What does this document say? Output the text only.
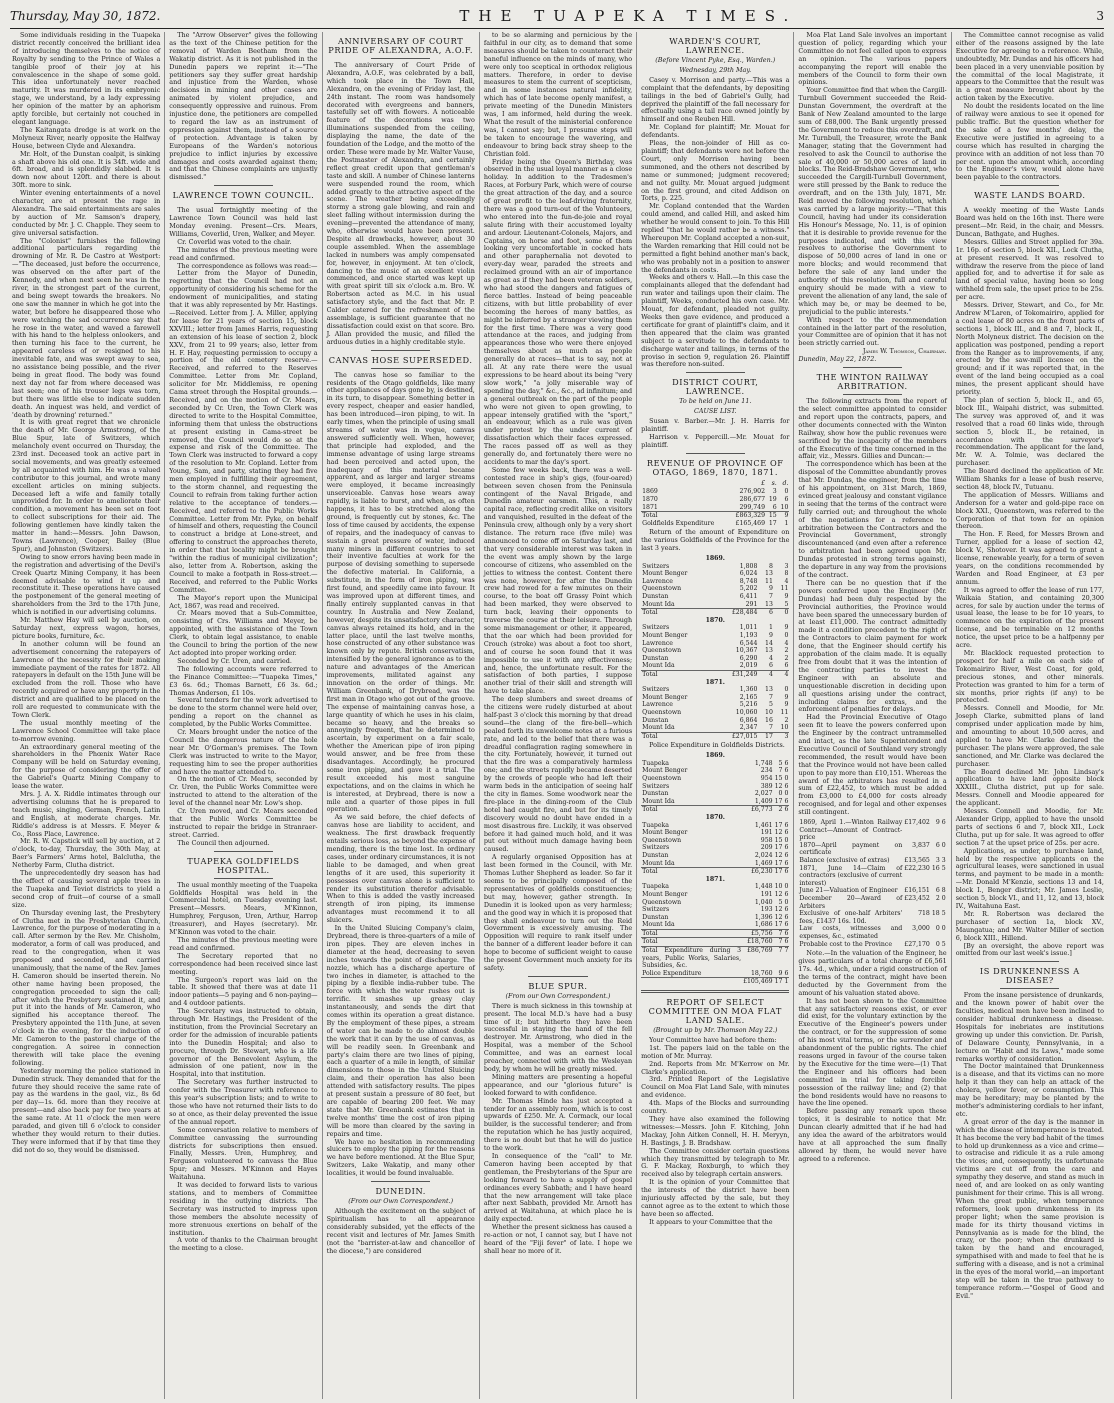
Thursday, May 30, 1872.	THE TUAPEKA TIMES.	3

Some individuals residing in the Tuapeka district recently conceived the brilliant idea of introducing themselves to the notice of Royalty by sending to the Prince of Wales a tangible proof of their joy at his convalescence in the shape of some gold. This idea unfortunately never reached maturity. It was murdered in its embryonic stage, we understand, by a lady expressing her opinion of the matter by an aphorism aptly forcible, but certainly not couched in elegant language.

The Kaitangata dredge is at work on the Molyneux River, nearly opposite the Halfway House, between Clyde and Alexandra.

Mr. Holt, of the Dunstan coalpit, is sinking a shaft above his old one. It is 34ft. wide and 6ft. broad, and is splendidly slabbed. It is down now about 120ft. and there is about 30ft. more to sink.

Winter evening entertainments of a novel character, are at present the rage in Alexandra. The said entertainments are sales by auction of Mr. Samson's drapery, conducted by Mr. J. C. Chapple. They seem to give universal satisfaction.

The "Colonist" furnishes the following additional particulars regarding the drowning of Mr. R. De Castro at Westport:—"The deceased, just before the occurrence, was observed on the after part of the Kennedy, and when next seen he was in the river, in the strongest part of the current, and being swept towards the breakers. No one saw the manner in which he got into the water, but before he disappeared those who were watching the sad occurrence say that he rose in the water, and waved a farewell with his hand to the helpless onlookers, and then turning his face to the current, he appeared careless of or resigned to his inevitable fate, and was swept away to sea, no assistance being possible, and the river being in great flood. The body was found next day not far from where deceased was last seen; one of his trouser legs was torn, but there was little else to indicate sudden death. An inquest was held, and verdict of 'death by drowning' returned."

It is with great regret that we chronicle the death of Mr. George Armstrong, of the Blue Spur, late of Switzers, which melancholy event occurred on Thursday, the 23rd inst. Deceased took an active part in social movements, and was greatly esteemed by all acquainted with him. He was a valued contributor to this journal, and wrote many excellent articles on mining subjects. Deceased left a wife and family totally unprovided for. In order to ameliorate their condition, a movement has been set on foot to collect subscriptions for their aid. The following gentlemen have kindly taken the matter in hand:—Messrs. John Dawson, Towns (Lawrence), Cooper, Bailey (Blue Spur), and Johnston (Switzers).

Owing to snow errors having been made in the registration and advertising of the Devil's Creek Quartz Mining Company, it has been deemed advisable to wind it up and reconstitute it. These operations have caused the postponement of the general meeting of shareholders from the 3rd to the 17th June, which is notified in our advertising columns.

Mr. Matthew Hay will sell by auction, on Saturday next, express wagon, horses, picture books, furniture, &c.

In another column will be found an advertisement concerning the ratepayers of Lawrence of the necessity for their making immediate payment of the rates for 1872. All ratepayers in default on the 15th June will be excluded from the roll. Those who have recently acquired or have any property in the district and are qualified to be placed on the roll are requested to communicate with the Town Clerk.

The usual monthly meeting of the Lawrence School Committee will take place to-morrow evening.

An extraordinary general meeting of the shareholders in the Phœnix Water Race Company will be held on Saturday evening, for the purpose of considering the offer of the Gabriel's Quartz Mining Company to lease the water.

Mrs. J. A. X. Riddle intimates through our advertising columns that he is prepared to teach music, singing, German, French, Latin and English, at moderate charges. Mr. Riddle's address is at Messrs. F. Meyer & Co., Ross Place, Lawrence.

Mr. R. W. Capstick will sell by auction, at 2 o'clock, to-day, Thursday, the 30th May, at Baer's Farmers' Arms hotel, Balclutha, the Netherby Farm, Clutha district.

The unprecedentedly dry season has had the effect of causing several apple trees in the Tuapeka and Teviot districts to yield a second crop of fruit—of course of a small size.

On Thursday evening last, the Presbytery of Clutha met in the Presbyterian Church, Lawrence, for the purpose of moderating in a call. After sermon by the Rev. Mr. Chisholm, moderator, a form of call was produced, and read to the congregation, when it was proposed and seconded, and carried unanimously, that the name of the Rev. James H. Cameron should be inserted therein. No other name having been proposed, the congregation proceeded to sign the call; after which the Presbytery sustained it, and put it into the hands of Mr. Cameron, who signified his acceptance thereof. The Presbytery appointed the 11th June, at seven o'clock in the evening, for the induction of Mr. Cameron to the pastoral charge of the congregation. A soiree in connection therewith will take place the evening following.

Yesterday morning the police stationed in Dunedin struck. They demanded that for the future they should receive the same rate of pay as the wardens in the gaol, viz., 8s 6d per day—1s. 6d. more than they receive at present—and also back pay for two years at the same rate. At 11 o'clock the men were paraded, and given till 6 o'clock to consider whether they would return to their duties. They were informed that if by that time they did not do so, they would be dismissed.

The "Arrow Observer" gives the following as the text of the Chinese petition for the removal of Warden Beetham from the Wakatip district. As it is not published in the Dunedin papers we reprint it:—"The petitioners say they suffer great hardship and injustice from the Warden, whose decisions in mining and other cases are animated by violent prejudice, and consequently oppressive and ruinous. From injustice done, the petitioners are compelled to regard the law as an instrument of oppression against them, instead of a source of protection. Advantage is taken by Europeans of the Warden's notorious prejudice to inflict injuries by excessive damages and costs awarded against them; and that the Chinese complaints are unjustly dismissed."

LAWRENCE TOWN COUNCIL.

The usual fortnightly meeting of the Lawrence Town Council was held last Monday evening. Present—Crs. Mears, Williams, Coverlid, Uren, Walker, and Meyer.

Cr. Coverlid was voted to the chair.

The minutes of the previous meeting were read and confirmed.

The correspondence as follows was read:—

Letter from the Mayor of Dunedin, regretting that the Council had not an opportunity of considering his scheme for the endowment of municipalities, and stating that it was ably represented by Mr. Hastings.—Received. Letter from J. A. Miller, applying for lease for 21 years of section 15, block XXVIII.; letter from James Harris, requesting an extension of his lease of section 2, block XXV., from 21 to 99 years; also, letter from H. F. Hay, requesting permission to occupy a portion of the old cemetery reserve.—Received, and referred to the Reserves Committee. Letter from Mr. Copland, solicitor for Mr. Middlemiss, re opening Cama street through the Hospital grounds.—Received, and on the motion of Cr. Mears, seconded by Cr. Uren, the Town Clerk was directed to write to the Hospital Committee, informing them that unless the obstructions at present existing in Cama-street be removed, the Council would do so at the expense and risk of the Committee. The Town Clerk was instructed to forward a copy of the resolution to Mr. Copland. Letter from Young, Sam, and party, stating they had five men employed in fulfilling their agreement, to the storm channel, and requesting the Council to refrain from taking further action relative to the acceptance of tenders.—Received, and referred to the Public Works Committee. Letter from Mr. Pyke, on behalf of himself and others, requesting the Council to construct a bridge at Lone-street, and offering to construct the approaches thereto, in order that that locality might be brought "within the radius of municipal civilization"; also, letter from A. Robertson, asking the Council to make a footpath in Ross-street.—Received, and referred to the Public Works Committee.

The Mayor's report upon the Municipal Act, 1867, was read and received.

Cr. Mears moved that a Sub-Committee, consisting of Crs. Williams and Meyer, be appointed, with the assistance of the Town Clerk, to obtain legal assistance, to enable the Council to bring the portion of the new Act adopted into proper working order.

Seconded by Cr. Uren, and carried.

The following accounts were referred to the Finance Committee:—"Tuapeka Times," £3 6s. 6d.; Thomas Barnett, £6 3s. 6d.; Thomas Anderson, £1 10s.

Several tenders for the work advertised to be done to the storm channel were held over, pending a report on the channel as completed, by the Public Works Committee.

Cr. Mears brought under the notice of the Council the dangerous nature of the hole near Mr. O'Gorman's premises. The Town Clerk was instructed to write to the Mayor, requesting him to see the proper authorities and have the matter attended to.

On the motion of Cr. Mears, seconded by Cr. Uren, the Public Works Committee were instructed to attend to the alteration of the level of the channel near Mr. Low's shop.

Cr. Uren moved, and Cr. Mears seconded that the Public Works Committee be instructed to repair the bridge in Stranraer-street. Carried.

The Council then adjourned.

TUAPEKA GOLDFIELDS HOSPITAL.

The usual monthly meeting of the Tuapeka Goldfields Hospital was held in the Commercial hotel, on Tuesday evening last. Present—Messrs. Mears, M'Kinnon, Humphrey, Ferguson, Uren, Arthur, Harrop (treasurer), and Hayes (secretary). Mr. M'Kinnon was voted to the chair.

The minutes of the previous meeting were read and confirmed.

The Secretary reported that no correspondence had been received since last meeting.

The Surgeon's report was laid on the table. It showed that there was at date 11 indoor patients—5 paying and 6 non-paying—and 4 outdoor patients.

The Secretary was instructed to obtain, through Mr. Hastings, the President of the institution, from the Provincial Secretary an order for the admission of incurable patients into the Dunedin Hospital; and also to procure, through Dr. Stewart, who is a life governor of the Benevolent Asylum, the admission of one patient, now in the Hospital, into that institution.

The Secretary was further instructed to confer with the Treasurer with reference to this year's subscription lists; and to write to those who have not returned their lists to do so at once, as their delay prevented the issue of the annual report.

Some conversation relative to members of Committee canvassing the surrounding districts for subscriptions then ensued. Finally, Messrs. Uren, Humphrey, and Ferguson volunteered to canvass the Blue Spur; and Messrs. M'Kinnon and Hayes Waitahuna.

It was decided to forward lists to various stations, and to members of Committee residing in the outlying districts. The Secretary was instructed to impress upon those members the absolute necessity of more strenuous exertions on behalf of the institution.

A vote of thanks to the Chairman brought the meeting to a close.

ANNIVERSARY OF COURT PRIDE OF ALEXANDRA, A.O.F.

The anniversary of Court Pride of Alexandra, A.O.F., was celebrated by a ball, which took place in the Town Hall, Alexandra, on the evening of Friday last, the 24th instant. The room was handsomely decorated with evergreens and banners, tastefully set off with flowers. A noticeable feature of the decorations was two illuminations suspended from the ceiling, displaying the name, the date of the foundation of the Lodge, and the motto of the order. These were made by Mr. Walter Vause, the Postmaster of Alexandra, and certainly reflect great credit upon that gentleman's taste and skill. A number of Chinese lanterns were suspended round the room, which added greatly to the attractive aspect of the scene. The weather being exceedingly stormy a strong gale blowing, and rain and sleet falling without intermission during the evening—prevented the attendance of many, who, otherwise would have been present. Despite all drawbacks, however, about 30 couple assembled. When the assemblage lacked in numbers was amply compensated for, however, in enjoyment. At ten o'clock, dancing to the music of an excellent violin commenced, and once started was kept up with great spirit till six o'clock a.m. Bro. W. Robertson acted as M.C. in his usual satisfactory style, and the fact that Mr. P. Calder catered for the refreshment of the assemblage, is sufficient guarantee that no dissatisfaction could exist on that score. Bro. J. Allan provided the music, and filled the arduous duties in a highly creditable style.

CANVAS HOSE SUPERSEDED.

The canvas hose so familiar to the residents of the Otago goldfields, like many other appliances of days gone by, is destined, in its turn, to disappear. Something better in every respect, cheaper and easier handled, has been introduced—iron piping, to wit. In early times, when the principle of using small streams of water was in vogue, canvas answered sufficiently well. When, however, that principle had exploded, and the immense advantage of using large streams had been perceived and acted upon, the inadequacy of this material became apparent, and as larger and larger streams were employed, it became increasingly unserviceable. Canvas hose wears away rapidly, is liable to burst, and when, as often happens, it has to be stretched along the ground, is frequently cut by stones, &c. The loss of time caused by accidents, the expense of repairs, and the inadequacy of canvas to sustain a great pressure of water, induced many miners in different countries to set their inventive faculties at work for the purpose of devising something to supersede the defective material. In California, a substitute, in the form of iron piping, was first found, and speedily came into favour. It was improved upon at different times, and finally entirely supplanted canvas in that country. In Australia and New Zealand, however, despite its unsatisfactory character, canvas always retained its hold, and in the latter place, until the last twelve months, hose constructed of any other substance was known only by repute. British conservatism, intensified by the general ignorance as to the nature and advantages of the American improvements, militated against any innovation on the order of things. Mr. William Greenbank, of Drybread, was the first man in Otago who got out of the groove. The expense of maintaining canvas hose, a large quantity of which he uses in his claim, became so heavy, and the breaks so annoyingly frequent, that he determined to ascertain, by experiment on a fair scale, whether the American pipe of iron piping would answer, and be free from these disadvantages. Accordingly, he procured some iron piping, and gave it a trial. The result exceeded his most sanguine expectations, and on the claims in which he is interested, at Drybread, there is now a mile and a quarter of those pipes in full operation.

As we said before, the chief defects of canvas hose are liability to accident, and weakness. The first drawback frequently entails serious loss, as beyond the expense of mending, there is the time lost. In ordinary cases, under ordinary circumstances, it is not liable to be damaged, and when great lengths of it are used, this superiority it possesses over canvas alone is sufficient to render its substitution therefor advisable. When to this is added the vastly increased strength of iron piping, its immense advantages must recommend it to all sluicers.

In the United Sluicing Company's claim, Drybread, there is three-quarters of a mile of iron pipes. They are eleven inches in diameter at the head, decreasing to seven inches towards the point of discharge. The nozzle, which has a discharge aperture of two inches in diameter, is attached to the piping by a flexible india-rubber tube. The force with which the water rushes out is terrific. It smashes up greasy clay instantaneously, and sends the dirt that comes within its operation a great distance. By the employment of these pipes, a stream of water can be made to do almost double the work that it can by the use of canvas, as will be readily seen. In Greenbank and party's claim there are two lines of piping, each a quarter of a mile in length, of similar dimensions to those in the United Sluicing claim, and their operation has also been attended with satisfactory results. The pipes at present sustain a pressure of 80 feet, but are capable of bearing 200 feet. We may state that Mr. Greenbank estimates that in twelve months' time the cost of iron piping will be more than cleared by the saving in repairs and time.

We have no hesitation in recommending sluicers to employ the piping for the reasons we have before mentioned. At the Blue Spur, Switzers, Lake Wakatip, and many other localities, it would be found invaluable.

DUNEDIN.
(From our Own Correspondent.)

Although the excitement on the subject of Spiritualism has to all appearance considerably subsided, yet the effects of the recent visit and lectures of Mr. James Smith (not the "barrister-at-law and chancellor of the diocese,") are considered

to be so alarming and pernicious by the faithful in our city, as to demand that some measures should be taken to counteract their baneful influence on the minds of many, who were only too sceptical in orthodox religious matters. Therefore, in order to devise measures to stem the current of scepticism, and in some instances natural infidelity, which has of late become openly manifest, a private meeting of the Dunedin Ministers was, I am informed, held during the week. What the result of the ministerial conference was, I cannot say; but, I presume steps will be taken to encourage the wavering, and endeavour to bring back stray sheep to the Christian fold.

Friday being the Queen's Birthday, was observed in the usual loyal manner as a close holiday. In addition to the Tradesmen's Races, at Forbury Park, which were of course the great attraction of the day, and a source of great profit to the leaf-driving fraternity, there was a good turn-out of the Volunteers, who entered into the fun-de-joie and royal salute firing with their accustomed loyalty and ardour. Lieutenant-Colonels, Majors, and Captains, on horse and foot, some of them looking very uncomfortable in cocked hats and other paraphernalia not devoted to every-day wear, paraded the streets and reclaimed ground with an air of importance as great as if they had been veteran soldiers, who had stood the dangers and fatigues of fierce battles. Instead of being peaceable citizens, with but little probability of ever becoming the heroes of many battles, as might be inferred by a stranger viewing them for the first time. There was a very good attendance at the races, and judging from appearances those who were there enjoyed themselves about as much as people generally do at races—that is to say, not at all. At any rate there were the usual expressions to be heard about its being "very slow work," "a jolly miserable way of spending the day," &c., &c., ad infinitum; and a general outbreak on the part of the people who were not given to open growling, to appear intensely gratified with the "sport," an endeavour, which as a rule was given under protest by the under current of dissatisfaction which their faces expressed. The races passed off as well as they generally do, and fortunately there were no accidents to mar the day's sport.

Some few weeks back, there was a well-contested race in ship's gigs, (four-oared) between seven chosen from the Peninsula contingent of the Naval Brigade, and Dunedin amateur oarsmen. This, a really capital race, reflecting credit alike on visitors and vanquished, resulted in the defeat of the Peninsula crew, although only by a very short distance. The return race (five mile) was announced to come off on Saturday last, and that very considerable interest was taken in the event was amply shown by the large concourse of citizens, who assembled on the jetties to witness the contest. Content there was none, however, for after the Dunedin crew had rowed for a few minutes on their course, to the boat off Grassy Point which had been marked, they were observed to turn back, leaving their opponents to traverse the course at their leisure. Through some mismanagement or other, it appeared, that the oar which had been provided for Crouch (stroke) was about a foot too short, and of course he soon found that it was impossible to use it with any effectiveness; and, hence, the unfortunate result. For the satisfaction of both parties, I suppose another trial of their skill and strength will have to take place.

The deep slumbers and sweet dreams of the citizens were rudely disturbed at about half-past 3 o'clock this morning by that dread sound—the clang of the fire-bell—which pealed forth its unwelcome notes at a furious rate, and led to the belief that there was a dreadful conflagration raging somewhere in the city. Fortunately, however, it turned out that the fire was a comparatively harmless one; and the streets rapidly became deserted by the crowds of people who had left their warm beds in the anticipation of seeing half the city in flames. Some woodwork near the fire-place in the dining-room of the Club hotel had caught fire, and but for its timely discovery would no doubt have ended in a most disastrous fire. Luckily, it was observed before it had gained much hold, and it was put out without much damage having been caused.

A regularly organised Opposition has at last been formed in the Council, with Mr. Thomas Luther Shepherd as leader. So far it seems to be principally composed of the representatives of goldfields constituencies; but may, however, gather strength. In Dunedin it is looked upon as very harmless; and the good way in which it is proposed that they shall endeavour to turn out the Reid Government is excessively amusing. The Opposition will require to rank itself under the banner of a different leader before it can hope to become of sufficient weight to cause the present Government much anxiety for its safety.

BLUE SPUR.
(From our Own Correspondent.)

There is much sickness in this township at present. The local M.D.'s have had a busy time of it; but hitherto they have been successful in staying the hand of the fell destroyer. Mr. Armstrong, who died in the Hospital, was a member of the School Committee, and was an earnest local preacher, connected with with the Wesleyan body, by whom he will be greatly missed.

Mining matters are presenting a hopeful appearance, and our "glorious future" is looked forward to with confidence.

Mr. Thomas Hinde has just accepted a tender for an assembly room, which is to cost upwards of £250. Mr. A. Cormack, our local builder, is the successful tenderer; and from the reputation which he has justly acquired, there is no doubt but that he will do justice to the work.

In consequence of the "call" to Mr. Cameron having been accepted by that gentleman, the Presbyterians of the Spur are looking forward to have a supply of gospel ordinances every Sabbath; and I have heard that the new arrangement will take place after next Sabbath, provided Mr. Arnott has arrived at Waitahuna, at which place he is daily expected.

Whether the present sickness has caused a re-action or not, I cannot say, but I have not heard of the "Fiji fever" of late. I hope we shall hear no more of it.

WARDEN'S COURT, LAWRENCE.
(Before Vincent Pyke, Esq., Warden.)
Wednesday, 29th May.

Casey v. Morrison and party.—This was a complaint that the defendants, by depositing tailings in the bed of Gabriel's Gully, had deprived the plaintiff of the fall necessary for effectually using a tail race owned jointly by himself and one Reuben Hill.

Mr. Copland for plaintiff; Mr. Mouat for defendants.

Pleas, the non-joinder of Hill as co-plaintiff; that defendants were not before the Court, only Morrison having been summoned, and the others not described by name or summoned; judgment recovered; and not guilty. Mr. Mouat argued judgment on the first ground, and cited Addison on Torts, p. 225.

Mr. Copland contended that the Warden could amend, and called Hill, and asked him whether he would consent to join. To this Hill replied "that he would rather be a witness." Whereupon Mr. Copland accepted a non-suit, the Warden remarking that Hill could not be permitted a fight behind another man's back, who was probably not in a position to answer the defendants in costs.

Weeks and others v. Hall.—In this case the complainants alleged that the defendant had run water and tailings upon their claim. The plaintiff, Weeks, conducted his own case. Mr. Mouat, for defendant, pleaded not guilty. Weeks then gave evidence, and produced a certificate for grant of plaintiff's claim, and it then appeared that the claim was granted subject to a servitude to the defendants to discharge water and tailings, in terms of the proviso in section 9, regulation 26. Plaintiff was therefore non-suited.

DISTRICT COURT, LAWRENCE.
To be held on June 11.
CAUSE LIST.

Susan v. Barber.—Mr. J. H. Harris for plaintiff.

Harrison v. Peppercill.—Mr. Mouat for plaintiff.

REVENUE OF PROVINCE OF OTAGO, 1869, 1870, 1871.
	£	s.	d.
1869	276,902	3	0
1870	286,677	19	6
1871	299,749	6	10
Total	£863,329	15	9
Goldfields Expenditure	£165,469	17	1

Return of the amount of Expenditure on the various Goldfields of the Province for the last 3 years.

1869.			
Switzers	1,808	8	3
Mount Benger	6,024	13	8
Lawrence	8,748	11	4
Queenstown	5,202	9	11
Dunstan	6,411	7	9
Mount Ida	291	13	5
Total	£28,484	6	0
1870.			
Switzers	1,011	1	9
Mount Benger	1,193	9	0
Lawrence	6,544	14	4
Queenstown	10,367	13	2
Dunstan	6,290	4	2
Mount Ida	2,019	6	6
Total	£31,249	4	4
1871.			
Switzers	1,360	13	0
Mount Benger	2,165	7	9
Lawrence	5,216	5	9
Queenstown	10,060	10	11
Dunstan	6,864	16	2
Mount Ida	2,347	7	10
Total	£27,015	17	3

Police Expenditure in Goldfields Districts.

1869.			
Tuapeka	1,748	5	6
Mount Benger	234	7	6
Queenstown	954	15	0
Switzers	389	12	6
Dunstan	2,027	0	0
Mount Ida	1,409	17	6
Total	£6,773	2	6
1870.			
Tuapeka	1,461	17	6
Mount Benger	191	12	6
Queenstown	958	15	0
Switzers	209	17	6
Dunstan	2,024	12	6
Mount Ida	1,469	17	6
Total	£6,230	17	6
1871.			
Tuapeka	1,448	10	0
Mount Benger	191	12	6
Queenstown	1,040	5	0
Switzers	193	12	6
Dunstan	1,396	12	6
Mount Ida	1,686	17	6
Total	£5,756	7	6
Total	£18,760	7	6
Total Expenditure during 3 years, Public Works, Salaries, Subsidies, &c.	£86,769	7	7
Police Expenditure	18,760	9	6
	£105,469	17	1
REPORT OF SELECT COMMITTEE ON MOA FLAT LAND SALE.
(Brought up by Mr. Thomson May 22.)

Your Committee have had before them:

1st. The papers laid on the table on the motion of Mr. Murray.

2nd. Reports from Mr. M'Kerrow on Mr. Clarke's application.

3rd. Printed Report of the Legislative Council on Moa Flat Land Sale, with minutes and evidence.

4th. Maps of the Blocks and surrounding country.

They have also examined the following witnesses:—Messrs. John F. Kitching, John Mackay, John Aitken Connell, H. H. Meryyn, H. Bastings, J. B. Bradshaw.

The Committee consider certain questions which they transmitted by telegraph to Mr. G. F. Mackay, Roxburgh, to which they received also by telegraph certain answers.

It is the opinion of your Committee that the interests of the district have been injuriously affected by the sale, but they cannot agree as to the extent to which those have been so affected.

It appears to your Committee that the

Moa Flat Land Sale involves an important question of policy, regarding which your Committee do not feel called upon to express an opinion. The various papers accompanying the report will enable the members of the Council to form their own opinions.

Your Committee find that when the Cargill-Turnbull Government succeeded the Reid-Dunstan Government, the overdraft at the Bank of New Zealand amounted to the large sum of £88,000. The Bank urgently pressed the Government to reduce this overdraft, and Mr. Turnbull, the Treasurer, wrote the Bank Manager, stating that the Government had resolved to ask the Council to authorise the sale of 40,000 or 50,000 acres of land in blocks. The Reid-Bradshaw Government, who succeeded the Cargill-Turnbull Government, were still pressed by the Bank to reduce the overdraft, and on the 13th July, 1871, Mr. Reid moved the following resolution, which was carried by a large majority:—"That this Council, having had under its consideration His Honour's Message, No. 11, is of opinion that it is desirable to provide revenue for the purposes indicated, and with this view resolves to authorise the Government to dispose of 50,000 acres of land in one or more blocks; and would recommend that before the sale of any land under the authority of this resolution, full and careful enquiry should be made with a view to prevent the alienation of any land, the sale of which may be, or may be deemed to be, prejudicial to the public interests."

With respect to the recommendation contained in the latter part of the resolution, your Committee are of opinion that it has not been strictly carried out.

James W. Thomson, Chairman.
Dunedin, May 22, 1872.
THE WINTON RAILWAY ARBITRATION.

The following extracts from the report of the select committee appointed to consider and report upon the contracts, papers, and other documents connected with the Winton Railway, show how the public revenues were sacrificed by the incapacity of the members of the Executive of the time concerned in the affair, viz., Messrs. Gillies and Duncan:—

The correspondence which has been at the disposal of the Committee abundantly proves that Mr. Dundas, the engineer, from the time of his appointment, on 31st March, 1869, evinced great jealousy and constant vigilance in seeing that the terms of the contract were fully carried out; and throughout the whole of the negotiations for a reference to arbitration between the Contractors and the Provincial Government, strongly discountenanced (and even after a reference to arbitration had been agreed upon Mr. Dundas protested in strong terms against), the departure in any way from the provisions of the contract.

There can be no question that if the powers conferred upon the Engineer (Mr. Dundas) had been duly respected by the Provincial authorities, the Province would have been spared the unnecessary burden of at least £11,000. The contract admittedly made it a condition precedent to the right of the Contractors to claim payment for work done, that the Engineer should certify his approbation of the claim made. It is equally free from doubt that it was the intention of the contracting parties to invest the Engineer with an absolute and unquestionable discretion in deciding upon all questions arising under the contract, including claims for extras, and the enforcement of penalties for delays.

Had the Provincial Executive of Otago seen fit to leave the powers conferred upon the Engineer by the contract untrammelled and intact, as the late Superintendent and Executive Council of Southland very strongly recommended, the result would have been that the Province would not have been called upon to pay more than £10,151. Whereas the award of the arbitrators has resulted in a sum of £22,452, to which must be added from £3,000 to £4,000 for costs already recognised, and for legal and other expenses still contingent.

1869, April 1.—Winton Railway Contract—Amount of Contract-price	£17,402	9	6
1870—April payment on certificate	3,837	6	0
Balance (exclusive of extras)	£13,565	3	3
1871, June 14—Claim of contractors (exclusive of current interest)	£22,230	16	5
June 21—Valuation of Engineer	£16,151	6	8
December 20—Award of Arbiters	£23,452	2	0
Exclusive of one-half Arbiters' fees, £1437 16s. 10d.	718	18	5
Law costs, witnesses and expenses, &c., estimated	3,000	0	0
Probable cost to the Province	£27,170	0	5

Note.—In the valuation of the Engineer, he gives particulars of a total charge of £6,561 17s. 4d., which, under a rigid construction of the terms of the contract, might have been deducted by the Government from the amount of his valuation stated above.

It has not been shown to the Committee that any satisfactory reasons exist, or ever did exist, for the voluntary extinction by the Executive of the Engineer's powers under the contract, or for the suppression of some of his most vital terms, or the surrender and abandonment of the public rights. The chief reasons urged in favour of the course taken by the Executive for the time were—(1) That the Engineer and his officers had been committed in trial for taking forcible possession of the railway line; and (2) that the bond residents would have no reasons to have the line opened.

Before passing any remark upon these topics, it is desirable to notice that Mr. Duncan clearly admitted that if he had had any idea the award of the arbitrators would have at all approached the sum finally allowed by them, he would never have agreed to a reference.

The Committee cannot recognise as valid either of the reasons assigned by the late Executive for agreeing to a reference. While, undoubtedly, Mr. Dundas and his officers had been placed in a very unenviable position by the committal of the local Magistrate, it appears to the Committee that the result was in a great measure brought about by the action taken by the Executive.

No doubt the residents located on the line of railway were anxious to see it opened for public traffic. But the question whether for the sake of a few months' delay, the Executive were justified in agreeing to a course which has resulted in charging the province with an addition of not less than 70 per cent. upon the amount which, according to the Engineer's view, would alone have been payable to the contractors.

WASTE LANDS BOARD.

A weekly meeting of the Waste Lands Board was held on the 16th inst. There were present—Mr. Reid, in the chair, and Messrs. Duncan, Bathgate, and Hughes.

Messrs. Gillies and Street applied for 39a. 1r. 16p. of section 5, block XII., Lock Clutha, at present reserved. It was resolved to withdraw the reserve from the piece of land applied for, and to advertise it for sale as land of special value, having been so long withheld from sale, the upset price to be 25s. per acre.

Messrs. Driver, Stewart, and Co., for Mr. Andrew M'Laren, of Tokomairiro, applied for a coal lease of 80 acres on the front parts of sections 1, block III., and 8 and 7, block II., North Molyneux district. The decision on the application was postponed, pending a report from the Ranger as to improvements, if any, erected by the saw-mill licensee on the ground; and if it was reported that, in the event of the land being occupied as a coal mines, the present applicant should have priority.

The plan of section 5, block II., and 65, block III., Waipahi district, was submitted. The survey was approved of, and it was resolved that a road 60 links wide, through section 5, block II., be retained, in accordance with the surveyor's recommendation. The applicant for the land, Mr. W. A. Tolmie, was declared the purchaser.

The Board declined the application of Mr. William Shanks for a lease of bush reserve, section 48, block IV., Tutuanu.

The application of Messrs. Williams and Anderson for a water and gold-pipe race on block XXI., Queenstown, was referred to the Corporation of that town for an opinion thereon.

The Hon. F. Reed, for Messrs Brown and Turner, applied for a lease of section 42, block V., Shotover. It was agreed to grant a license, renewable yearly, for a term of seven years, on the conditions recommended by Warden and Road Engineer, at £3 per annum.

It was agreed to offer the lease of run 177, Waikaia Station, and containing 20,300 acres, for sale by auction under the terms of usual lease, the lease to be for 10 years, to commence on the expiration of the present license, and be terminable on 12 months notice, the upset price to be a halfpenny per acre.

Mr. Blacklock requested protection to prospect for half a mile on each side of Tokomairiro River, West Coast, for gold, precious stones, and other minerals. Protection was granted to him for a term of six months, prior rights (if any) to be protected.

Messrs. Connell and Moodie, for Mr. Joseph Clarke, submitted plans of land comprised under application made by him, and amounting to about 10,500 acres, and applied to have Mr. Clarke declared the purchaser. The plans were approved, the sale sanctioned, and Mr. Clarke was declared the purchaser.

The Board declined Mr. John Lindsay's application to have land opposite block XXXIII., Clutha district, put up for sale. Messrs. Connell and Moodie appeared for the applicant.

Messrs. Connell and Moodie, for Mr. Alexander Gripp, applied to have the unsold parts of sections 6 and 7, block XII., Lock Clutha, put up for sale. It was agreed to offer section 7 at the upset price of 25s. per acre.

Applications, as under, to purchase land, held by the respective applicants on the agricultural leases, were sanctioned in usual terms, and payment to be made in a month:—Mr. Donald M'Kenzie, sections 13 and 14, block I., Benger district; Mr. James Leslie, section 5, block VI., and 11, 12, and 13, block IV., Waitahuna East.

Mr. R. Robertson was declared the purchaser of section 1a, block XV., Maungatua; and Mr. Walter Miller of section 6, block XIII., Hillend.

[By an oversight, the above report was omitted from our last week's issue.]

IS DRUNKENNESS A DISEASE?

From the insane persistence of drunkards, and the known power of habit over the faculties, medical men have been inclined to consider habitual drunkenness a disease. Hospitals for inebriates are institutions growing up under this conviction. Dr. Parish, of Delaware County, Pennsylvania, in a lecture on "Habit and its Laws," made some remarks worthy of consideration.

The Doctor maintained that Drunkenness is a disease, and that its victims can no more help it than they can help an attack of the cholera, yellow fever, or consumption. This may be hereditary; may be planted by the mother's administering cordials to her infant, etc.

A great error of the day is the manner in which the disease of intemperance is treated. It has become the very bad habit of the times to hold up drunkenness as a vice and crime—to ostracise and ridicule it as a rule among the vices; and, consequently, its unfortunate victims are cut off from the care and sympathy they deserve, and stand as much in need of, and are looked on as only wanting punishment for their crime. This is all wrong. When the great public, when temperance reformers, look upon drunkenness in its proper light; when the same provision is made for its thirty thousand victims in Pennsylvania as is made for the blind, the crazy, or the poor; when the drunkard is taken by the hand and encouraged, sympathised with and made to feel that he is suffering with a disease, and is not a criminal in the eyes of the moral world,—an important step will be taken in the true pathway to temperance reform.—"Gospel of Good and Evil."
